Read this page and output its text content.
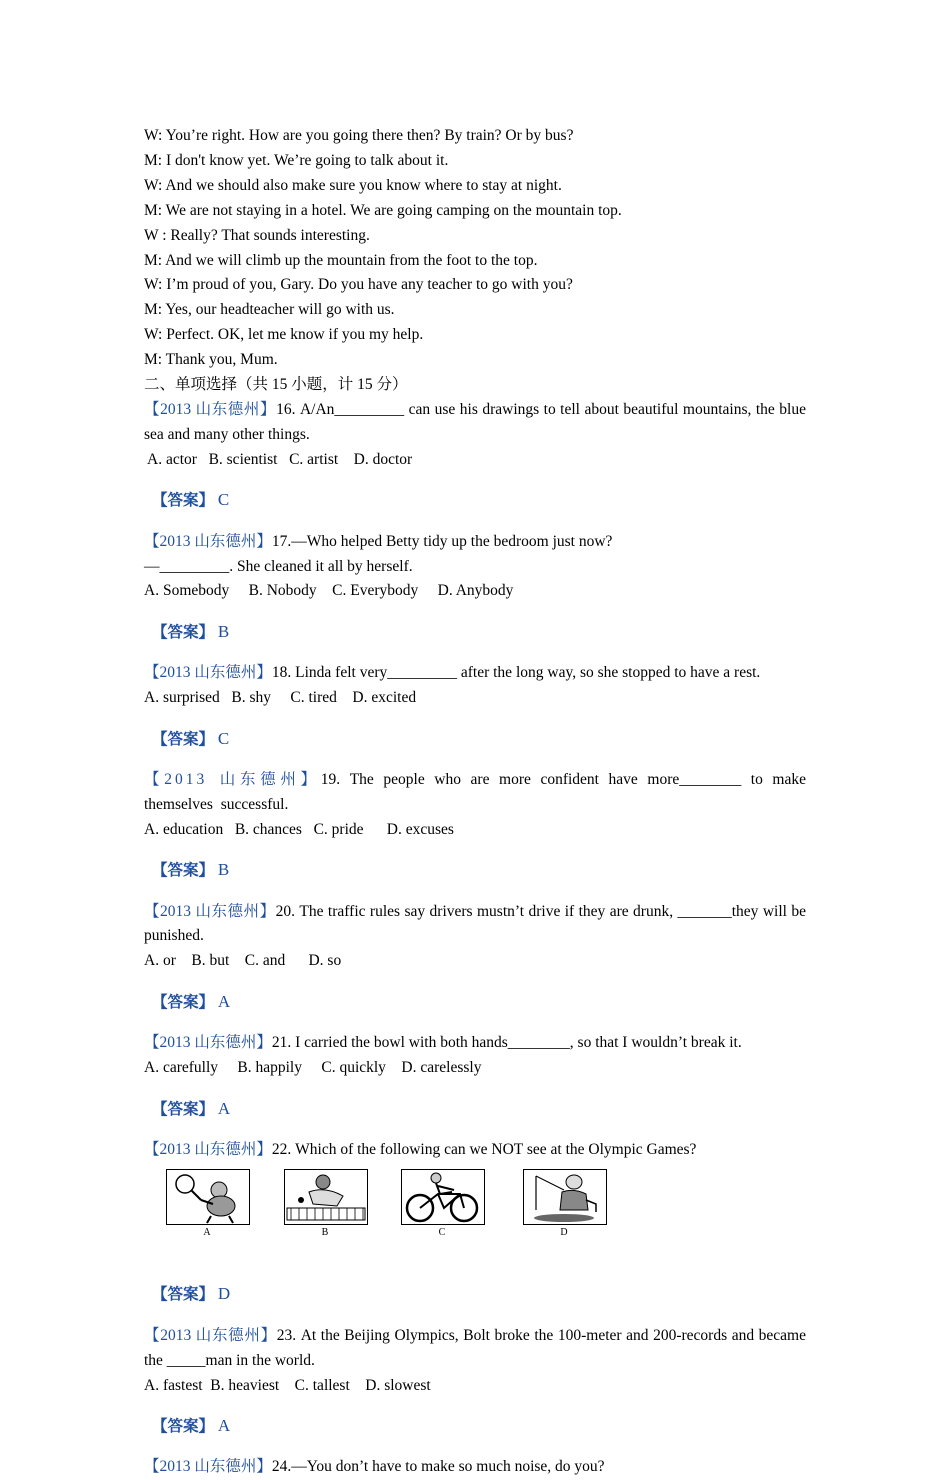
W: You’re right. How are you going there then? By train? Or by bus?

M: I don't know yet. We’re going to talk about it.

W: And we should also make sure you know where to stay at night.

M: We are not staying in a hotel. We are going camping on the mountain top.

W : Really? That sounds interesting.

M: And we will climb up the mountain from the foot to the top.

W: I’m proud of you, Gary. Do you have any teacher to go with you?

M: Yes, our headteacher will go with us.

W: Perfect. OK, let me know if you my help.

M: Thank you, Mum.

二、单项选择（共 15 小题，计 15 分）

【2013 山东德州】16. A/An_________ can use his drawings to tell about beautiful mountains, the blue sea and many other things.

A. actor   B. scientist   C. artist    D. doctor

【答案】 C

【2013 山东德州】17.—Who helped Betty tidy up the bedroom just now?

—_________. She cleaned it all by herself.

A. Somebody     B. Nobody    C. Everybody     D. Anybody

【答案】 B

【2013 山东德州】18. Linda felt very_________ after the long way, so she stopped to have a rest.

A. surprised   B. shy     C. tired    D. excited

【答案】 C

【2013 山东德州】19. The people who are more confident have more________ to make themselves successful.

A. education   B. chances   C. pride      D. excuses

【答案】 B

【2013 山东德州】20. The traffic rules say drivers mustn’t drive if they are drunk, _______they will be punished.

A. or    B. but    C. and      D. so

【答案】 A

【2013 山东德州】21. I carried the bowl with both hands________, so that I wouldn’t break it.

A. carefully     B. happily     C. quickly    D. carelessly

【答案】 A

【2013 山东德州】22. Which of the following can we NOT see at the Olympic Games?

A	B	C	D

【答案】 D

【2013 山东德州】23. At the Beijing Olympics, Bolt broke the 100-meter and 200-records and became the _____man in the world.

A. fastest  B. heaviest    C. tallest    D. slowest

【答案】 A

【2013 山东德州】24.—You don’t have to make so much noise, do you?
